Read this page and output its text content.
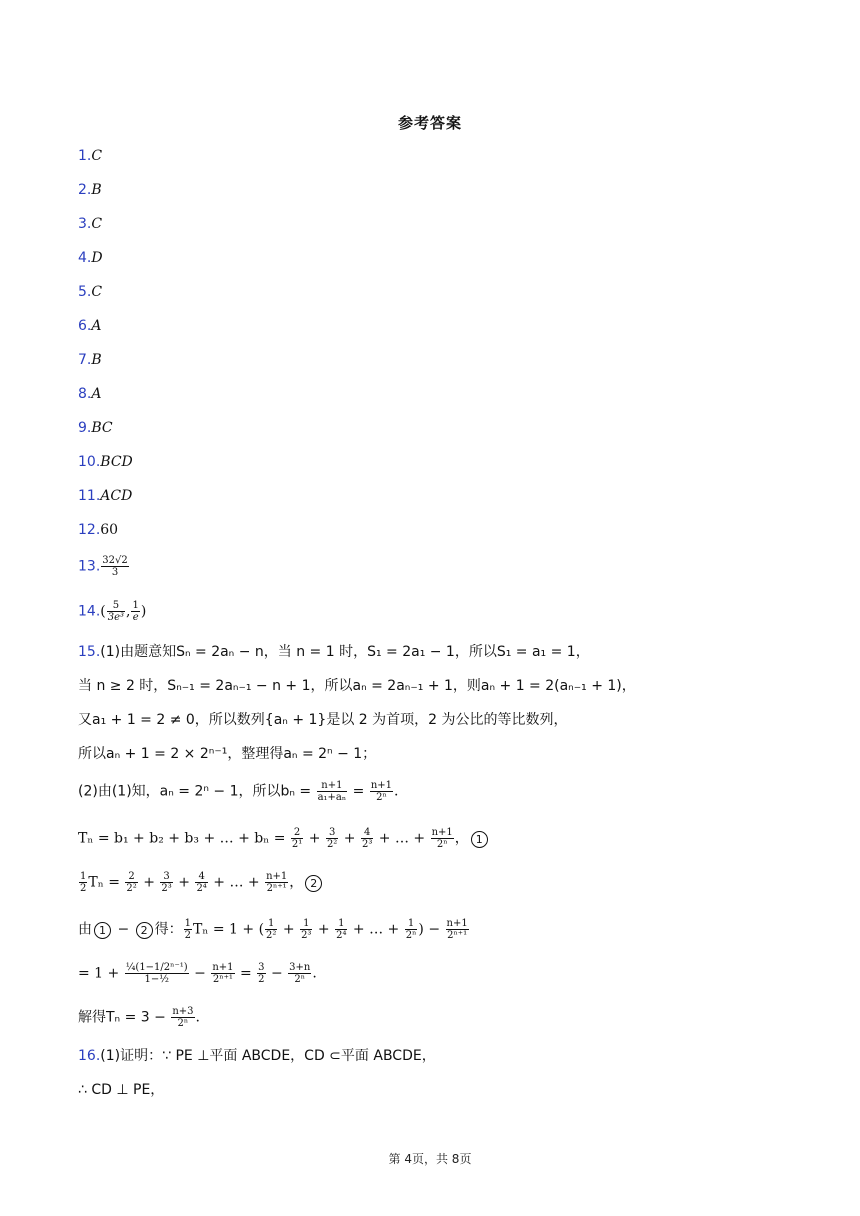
参考答案
1.C
2.B
3.C
4.D
5.C
6.A
7.B
8.A
9.BC
10.BCD
11.ACD
12.60
13. $\frac{32√2}{3}$
$14.( \frac{5}{\text{3e³}}$ , $\frac{1}{e}$ )
15.(1)由题意知Sₙ = 2aₙ − n，当 n = 1 时，S₁ = 2a₁ − 1，所以S₁ = a₁ = 1，
当 n ≥ 2 时，Sₙ₋₁ = 2aₙ₋₁ − n + 1，所以aₙ = 2aₙ₋₁ + 1，则aₙ + 1 = 2(aₙ₋₁ + 1)，
又a₁ + 1 = 2 ≠ 0，所以数列{aₙ + 1}是以 2 为首项，2 为公比的等比数列，
所以aₙ + 1 = 2 × 2ⁿ⁻¹，整理得aₙ = 2ⁿ − 1；
(2)由(1)知，aₙ = 2ⁿ − 1，所以$b_n = \frac{n+1}{\text{a₁+aₙ}} = \frac{n+1}{\text{2ⁿ}}$ .
Tₙ = b₁ + b₂ + b₃ + … + $b_n = \frac{2}{\text{2¹}} + \frac{3}{\text{2²}} + \frac{4}{\text{2³}}$ + … + $\frac{n+1}{\text{2ⁿ}}$ ， 1
$\frac{1}{2}$ $T_n = \frac{2}{\text{2²}} + \frac{3}{\text{2³}} + \frac{4}{\text{2⁴}}$ + … + $\frac{n+1}{\text{2ⁿ⁺¹}}$ ， 2
由 1 − 2 得： $\frac{1}{2}$ Tₙ = 1 + ( $\frac{1}{\text{2²}} + \frac{1}{\text{2³}} + \frac{1}{\text{2⁴}}$ + … + $\frac{1}{\text{2ⁿ}}$ ) − $\frac{n+1}{\text{2ⁿ⁺¹}}$
= $1 + \frac{\text{¼(1−1/2ⁿ⁻¹)}}{\text{1−½}} - \frac{n+1}{\text{2ⁿ⁺¹}} = \frac{3}{2} - \frac{3+n}{\text{2ⁿ}}$ .
解得$T_n = 3 - \frac{n+3}{\text{2ⁿ}}$ .
16.(1)证明：∵ PE ⊥平面 ABCDE，CD ⊂平面 ABCDE，
∴ CD ⊥ PE，
第 4页，共 8页
